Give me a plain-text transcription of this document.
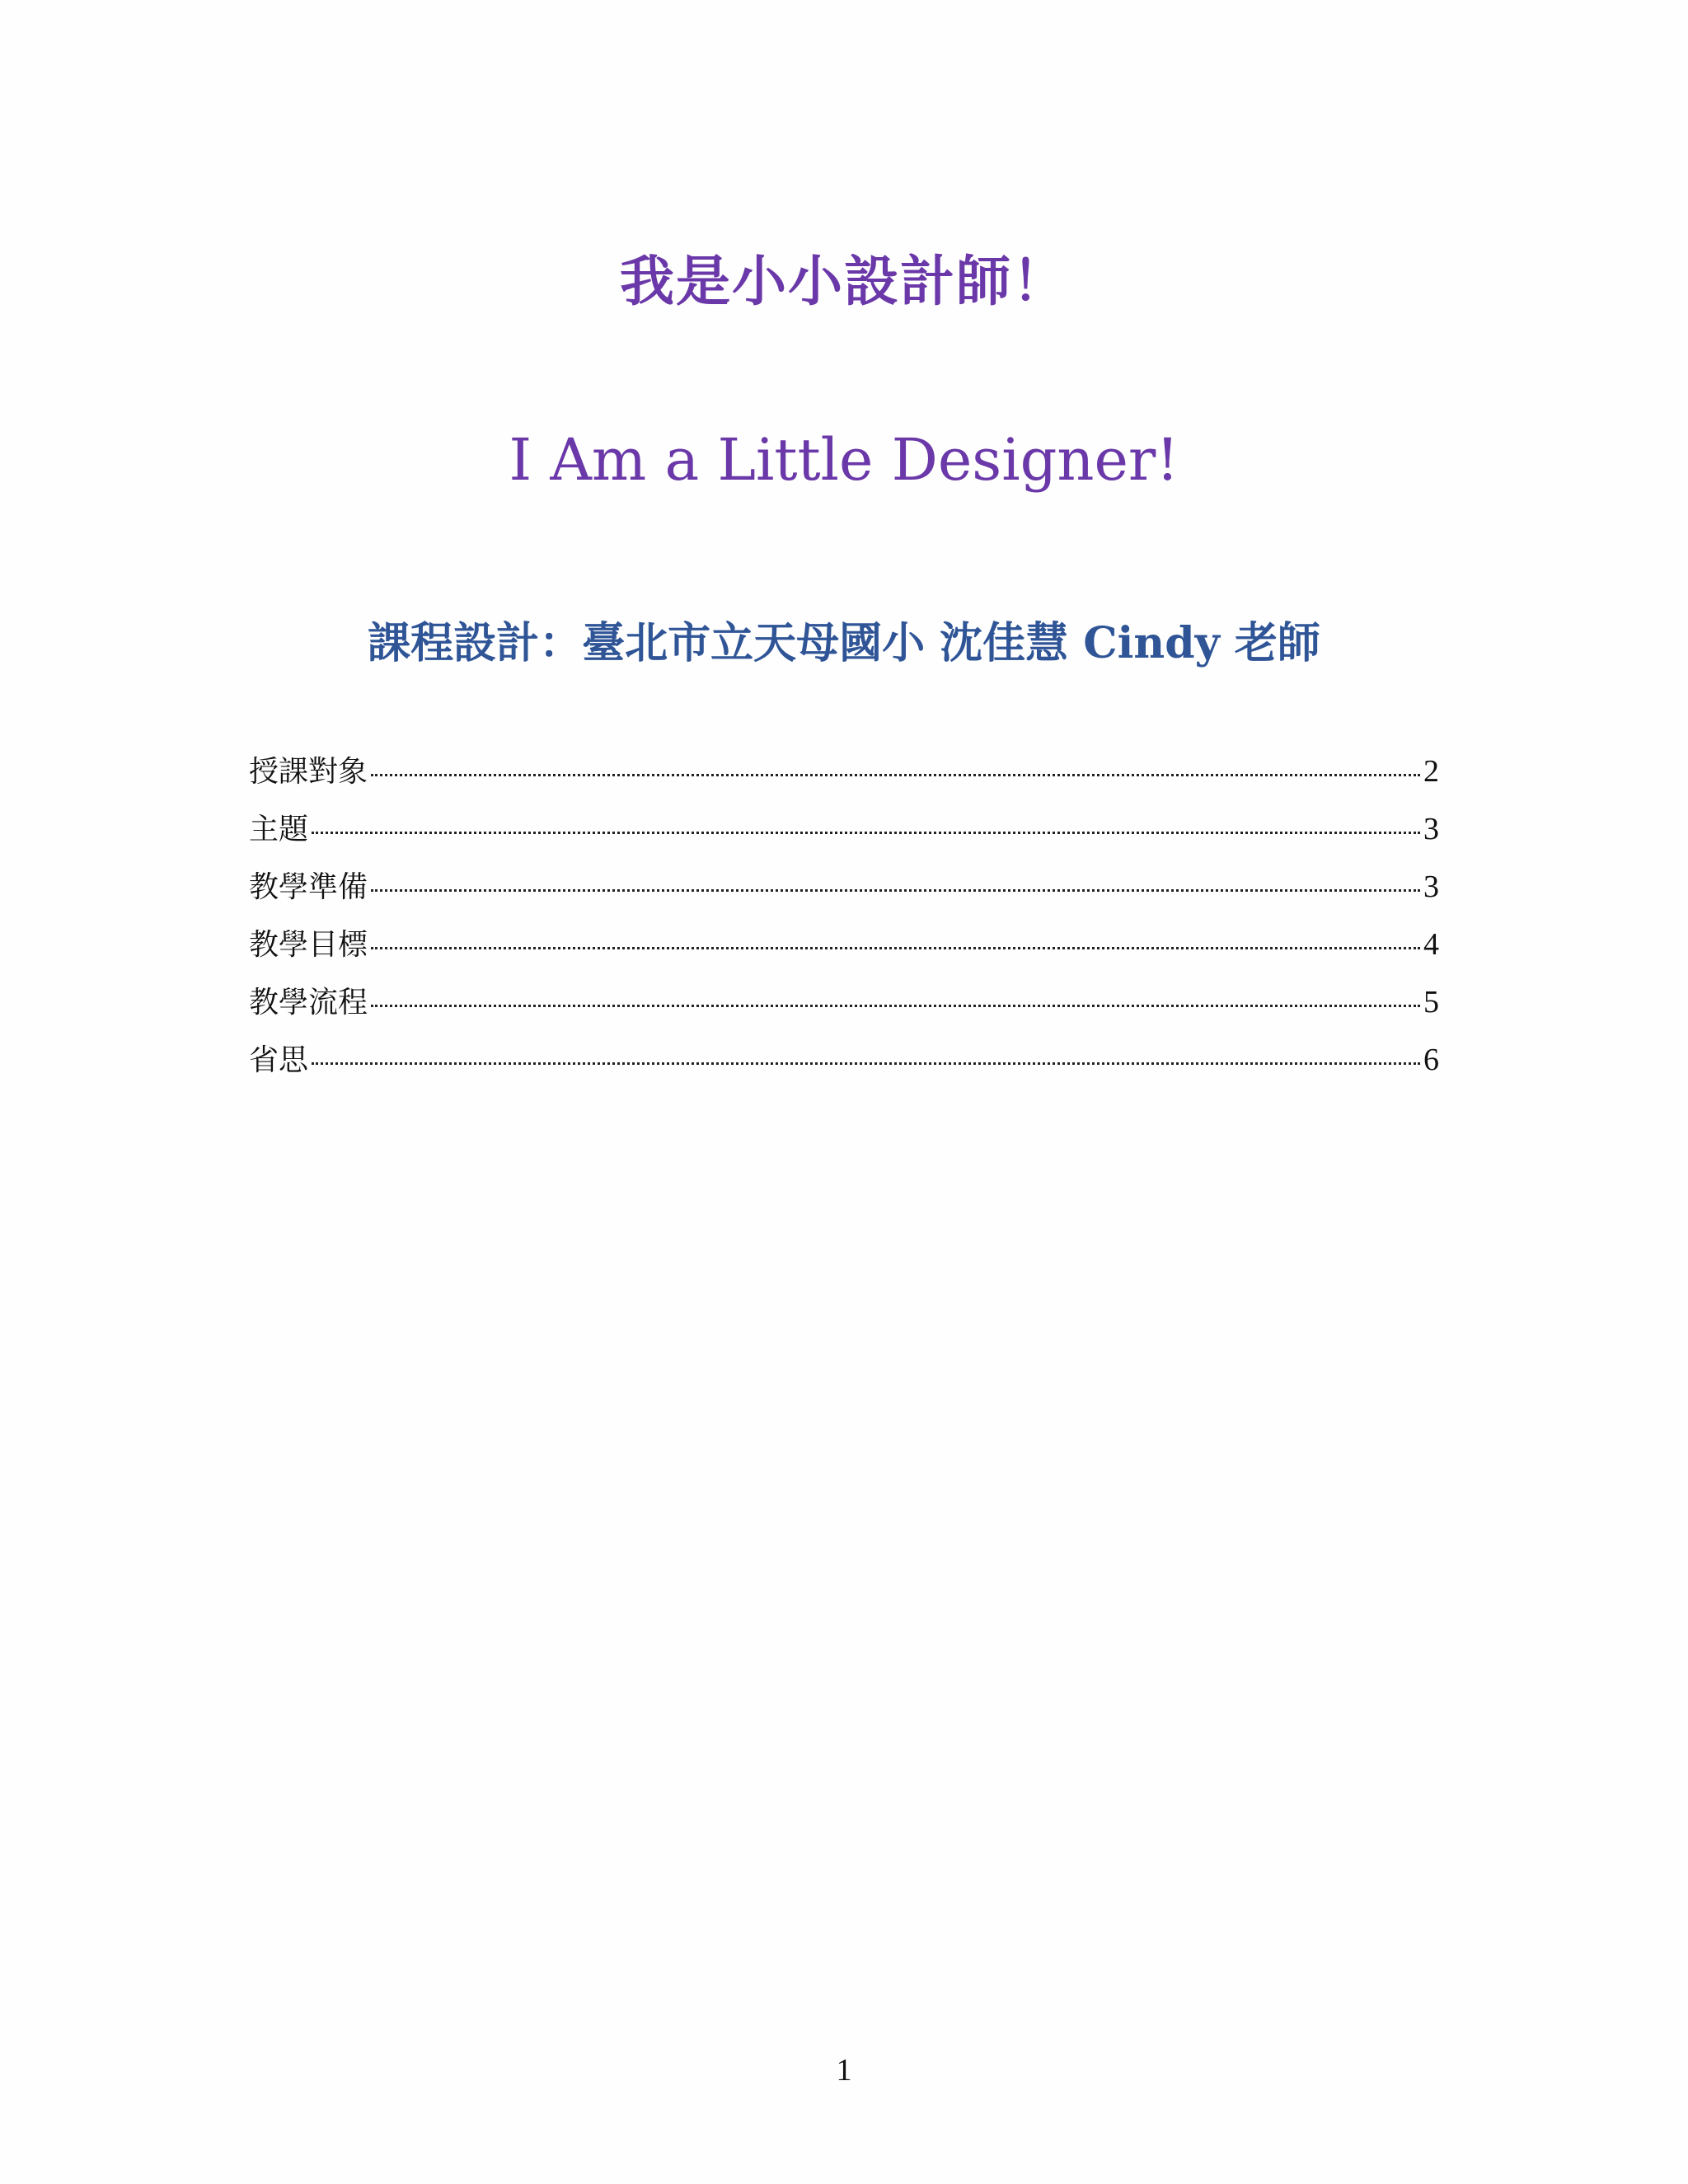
我是小小設計師！
I Am a Little Designer!
課程設計：臺北市立天母國小 沈佳慧 Cindy 老師
授課對象	2
主題	3
教學準備	3
教學目標	4
教學流程	5
省思	6
1
